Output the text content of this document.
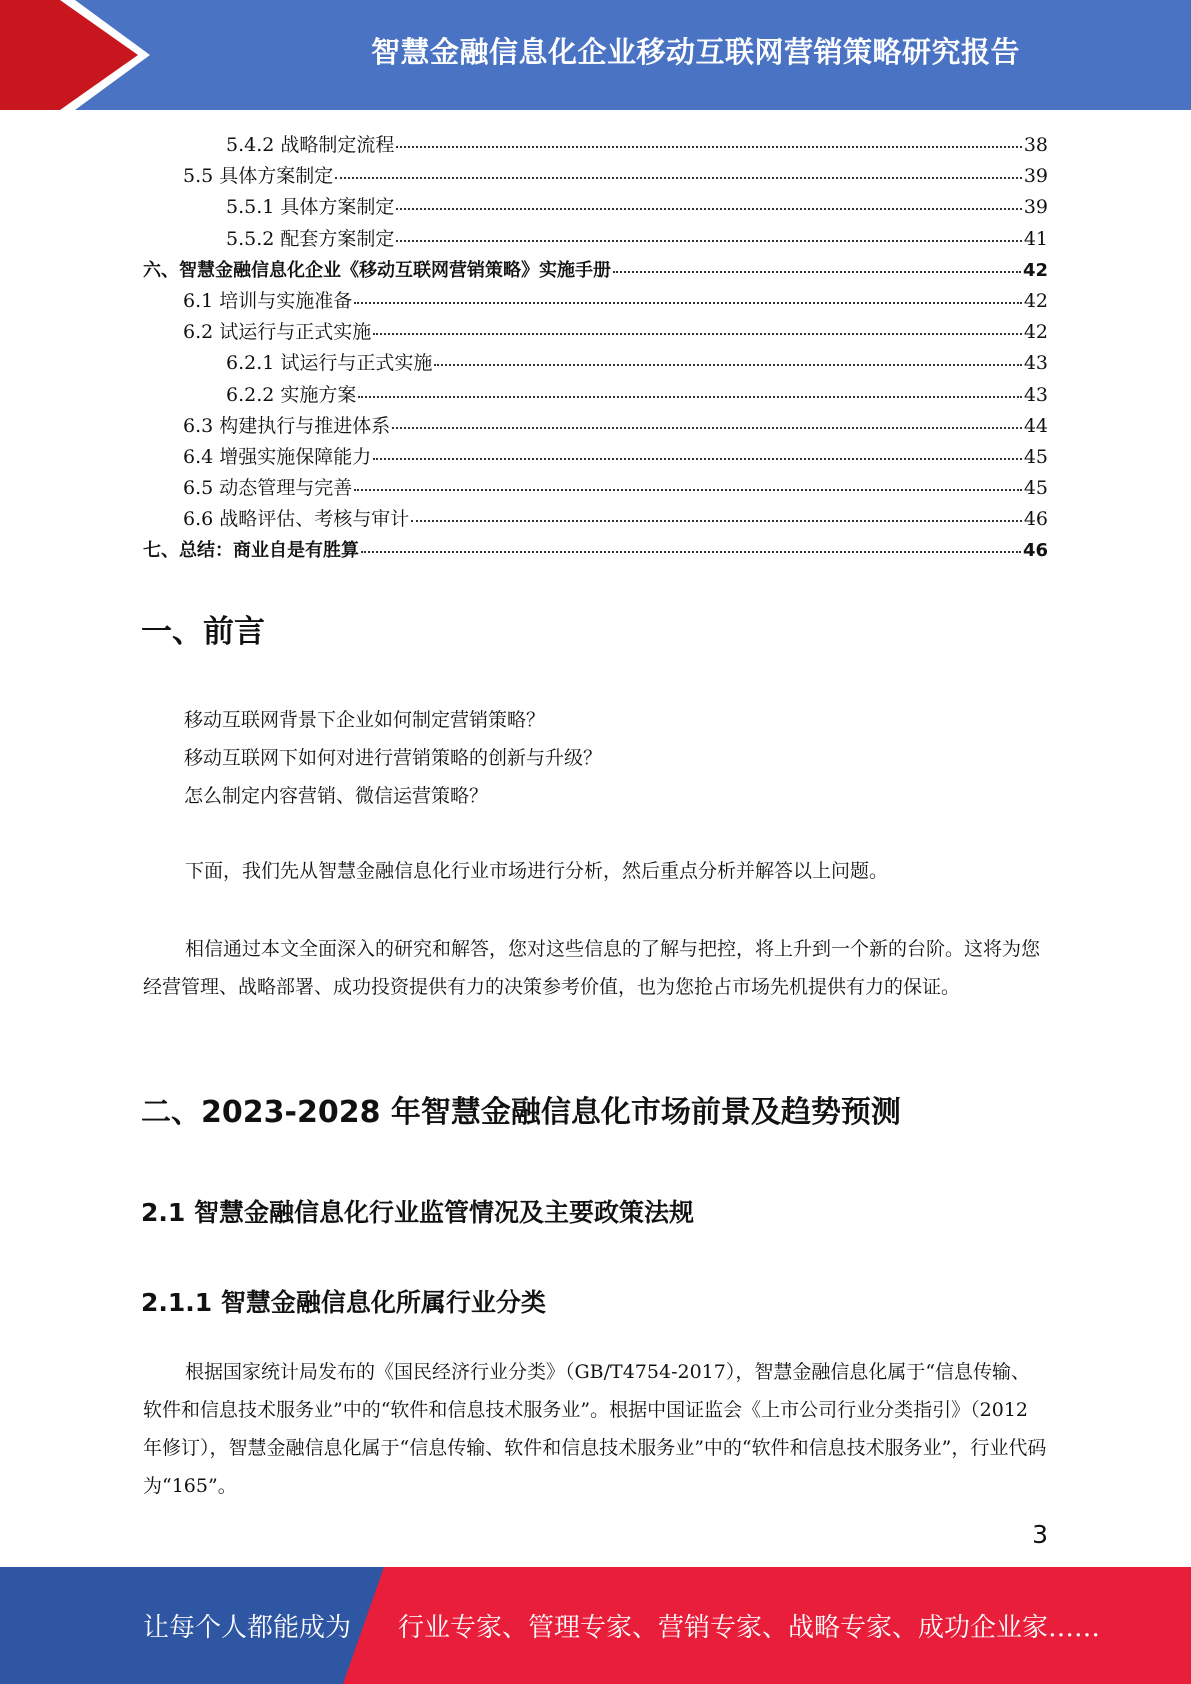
智慧金融信息化企业移动互联网营销策略研究报告
5.4.2 战略制定流程	38
5.5 具体方案制定	39
5.5.1 具体方案制定	39
5.5.2 配套方案制定	41
六、智慧金融信息化企业《移动互联网营销策略》实施手册	42
6.1 培训与实施准备	42
6.2 试运行与正式实施	42
6.2.1 试运行与正式实施	43
6.2.2 实施方案	43
6.3 构建执行与推进体系	44
6.4 增强实施保障能力	45
6.5 动态管理与完善	45
6.6 战略评估、考核与审计	46
七、总结：商业自是有胜算	46
一、前言
移动互联网背景下企业如何制定营销策略？
移动互联网下如何对进行营销策略的创新与升级？
怎么制定内容营销、微信运营策略？
下面，我们先从智慧金融信息化行业市场进行分析，然后重点分析并解答以上问题。
相信通过本文全面深入的研究和解答，您对这些信息的了解与把控，将上升到一个新的台阶。这将为您经营管理、战略部署、成功投资提供有力的决策参考价值，也为您抢占市场先机提供有力的保证。
二、2023-2028 年智慧金融信息化市场前景及趋势预测
2.1 智慧金融信息化行业监管情况及主要政策法规
2.1.1 智慧金融信息化所属行业分类
根据国家统计局发布的《国民经济行业分类》（GB/T4754-2017），智慧金融信息化属于“信息传输、软件和信息技术服务业”中的“软件和信息技术服务业”。根据中国证监会《上市公司行业分类指引》（2012 年修订），智慧金融信息化属于“信息传输、软件和信息技术服务业”中的“软件和信息技术服务业”，行业代码为“165”。
3
让每个人都能成为 行业专家、管理专家、营销专家、战略专家、成功企业家……
